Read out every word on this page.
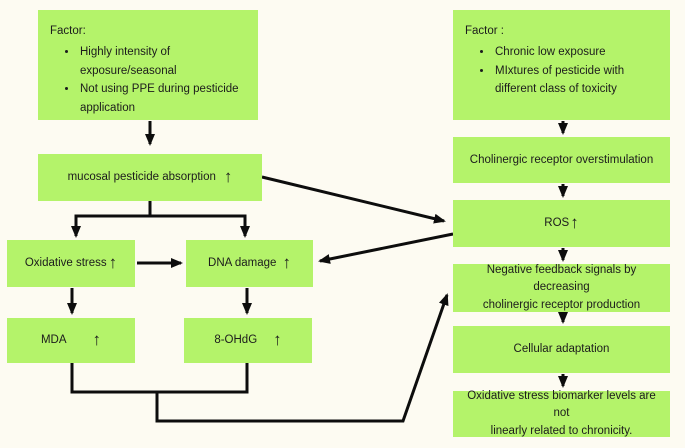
Factor:
• Highly intensity of exposure/seasonal
• Not using PPE during pesticide application
mucosal pesticide absorption ↑
Oxidative stress ↑	DNA damage ↑
MDA ↑	8-OHdG ↑
Factor :
• Chronic low exposure
• MIxtures of pesticide with different class of toxicity
Cholinergic receptor overstimulation
ROS ↑
Negative feedback signals by decreasing
cholinergic receptor production
Cellular adaptation
Oxidative stress biomarker levels are not
linearly related to chronicity.
